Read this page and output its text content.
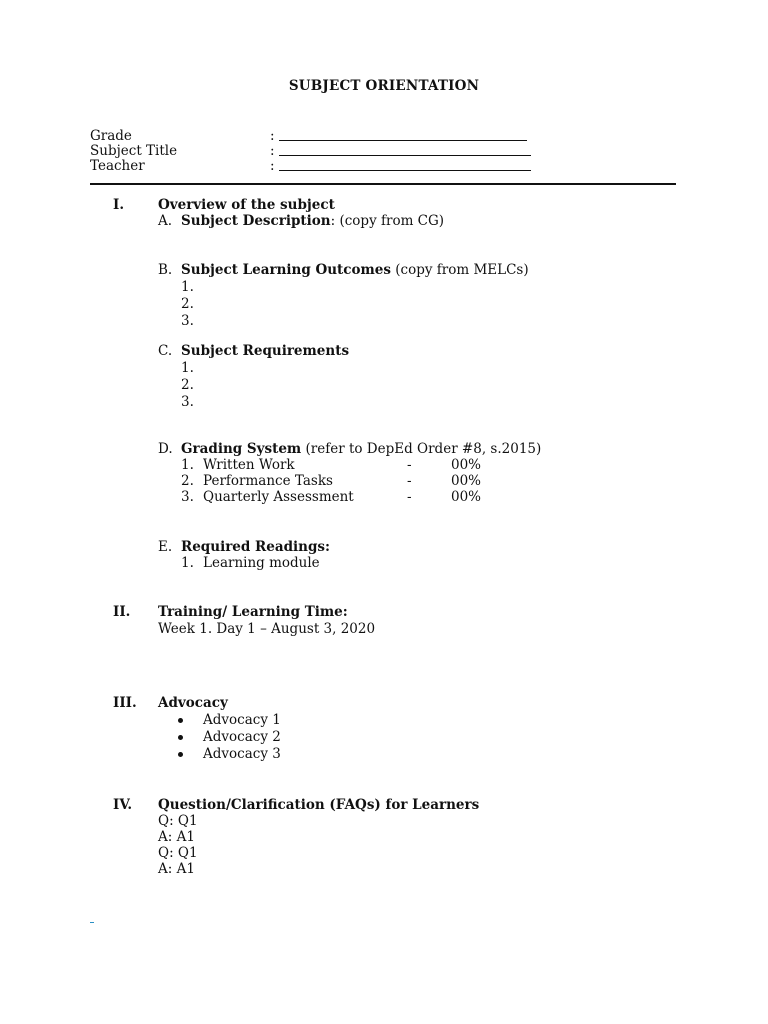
SUBJECT ORIENTATION
Grade	:
Subject Title	:
Teacher	:
I.	Overview of the subject
A. Subject Description: (copy from CG)
B. Subject Learning Outcomes (copy from MELCs)
1.
2.
3.
C. Subject Requirements
1.
2.
3.
D. Grading System (refer to DepEd Order #8, s.2015)
1. Written Work	-	00%
2. Performance Tasks	-	00%
3. Quarterly Assessment	-	00%
E. Required Readings:
1. Learning module
II. Training/ Learning Time:
Week 1. Day 1 – August 3, 2020
III. Advocacy
Advocacy 1
Advocacy 2
Advocacy 3
IV. Question/Clarification (FAQs) for Learners
Q: Q1
A: A1
Q: Q1
A: A1
